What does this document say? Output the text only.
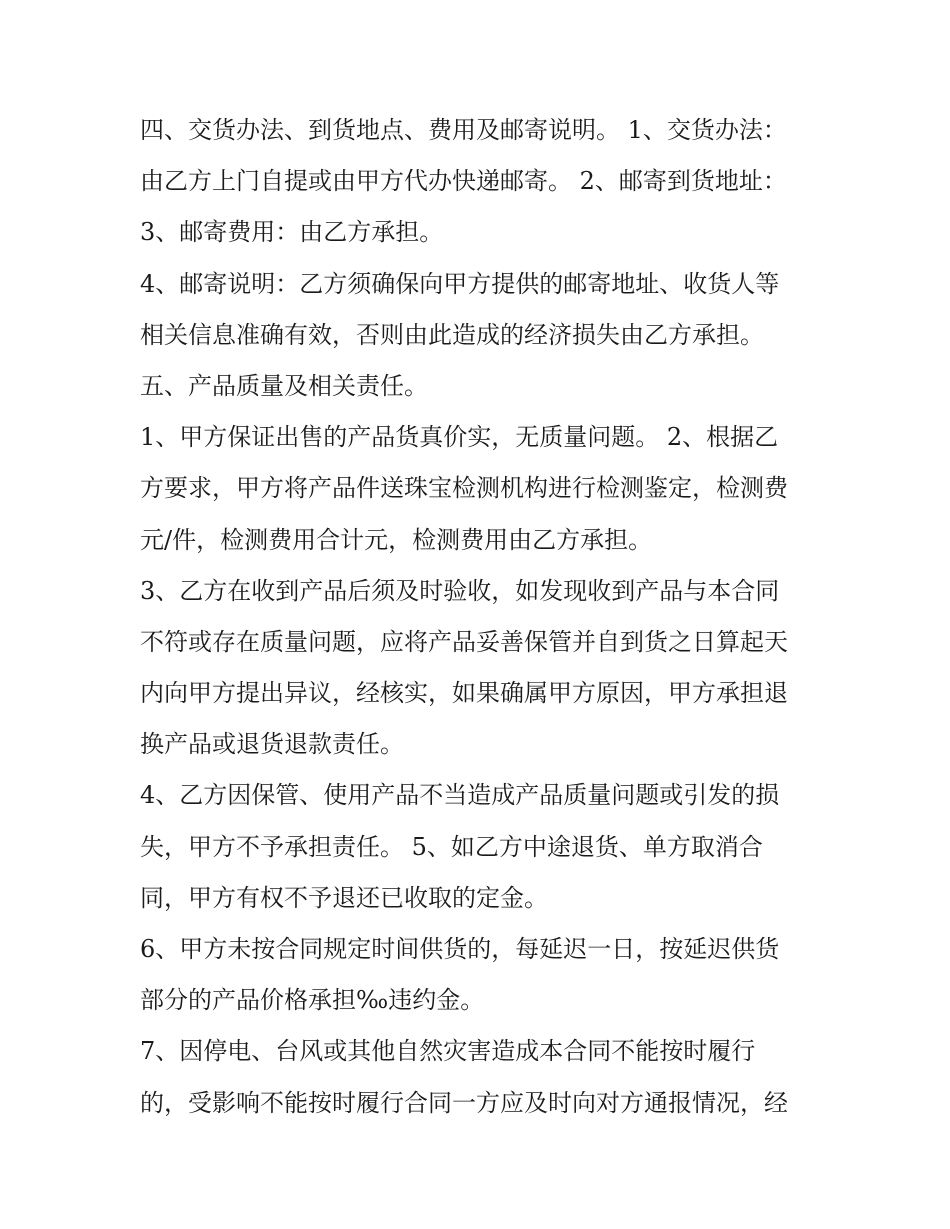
四、交货办法、到货地点、费用及邮寄说明。 1、交货办法：
由乙方上门自提或由甲方代办快递邮寄。 2、邮寄到货地址：
3、邮寄费用：由乙方承担。
4、邮寄说明：乙方须确保向甲方提供的邮寄地址、收货人等
相关信息准确有效，否则由此造成的经济损失由乙方承担。
五、产品质量及相关责任。
1、甲方保证出售的产品货真价实，无质量问题。 2、根据乙
方要求，甲方将产品件送珠宝检测机构进行检测鉴定，检测费
元/件，检测费用合计元，检测费用由乙方承担。
3、乙方在收到产品后须及时验收，如发现收到产品与本合同
不符或存在质量问题，应将产品妥善保管并自到货之日算起天
内向甲方提出异议，经核实，如果确属甲方原因，甲方承担退
换产品或退货退款责任。
4、乙方因保管、使用产品不当造成产品质量问题或引发的损
失，甲方不予承担责任。 5、如乙方中途退货、单方取消合
同，甲方有权不予退还已收取的定金。
6、甲方未按合同规定时间供货的，每延迟一日，按延迟供货
部分的产品价格承担‰违约金。
7、因停电、台风或其他自然灾害造成本合同不能按时履行
的，受影响不能按时履行合同一方应及时向对方通报情况，经
